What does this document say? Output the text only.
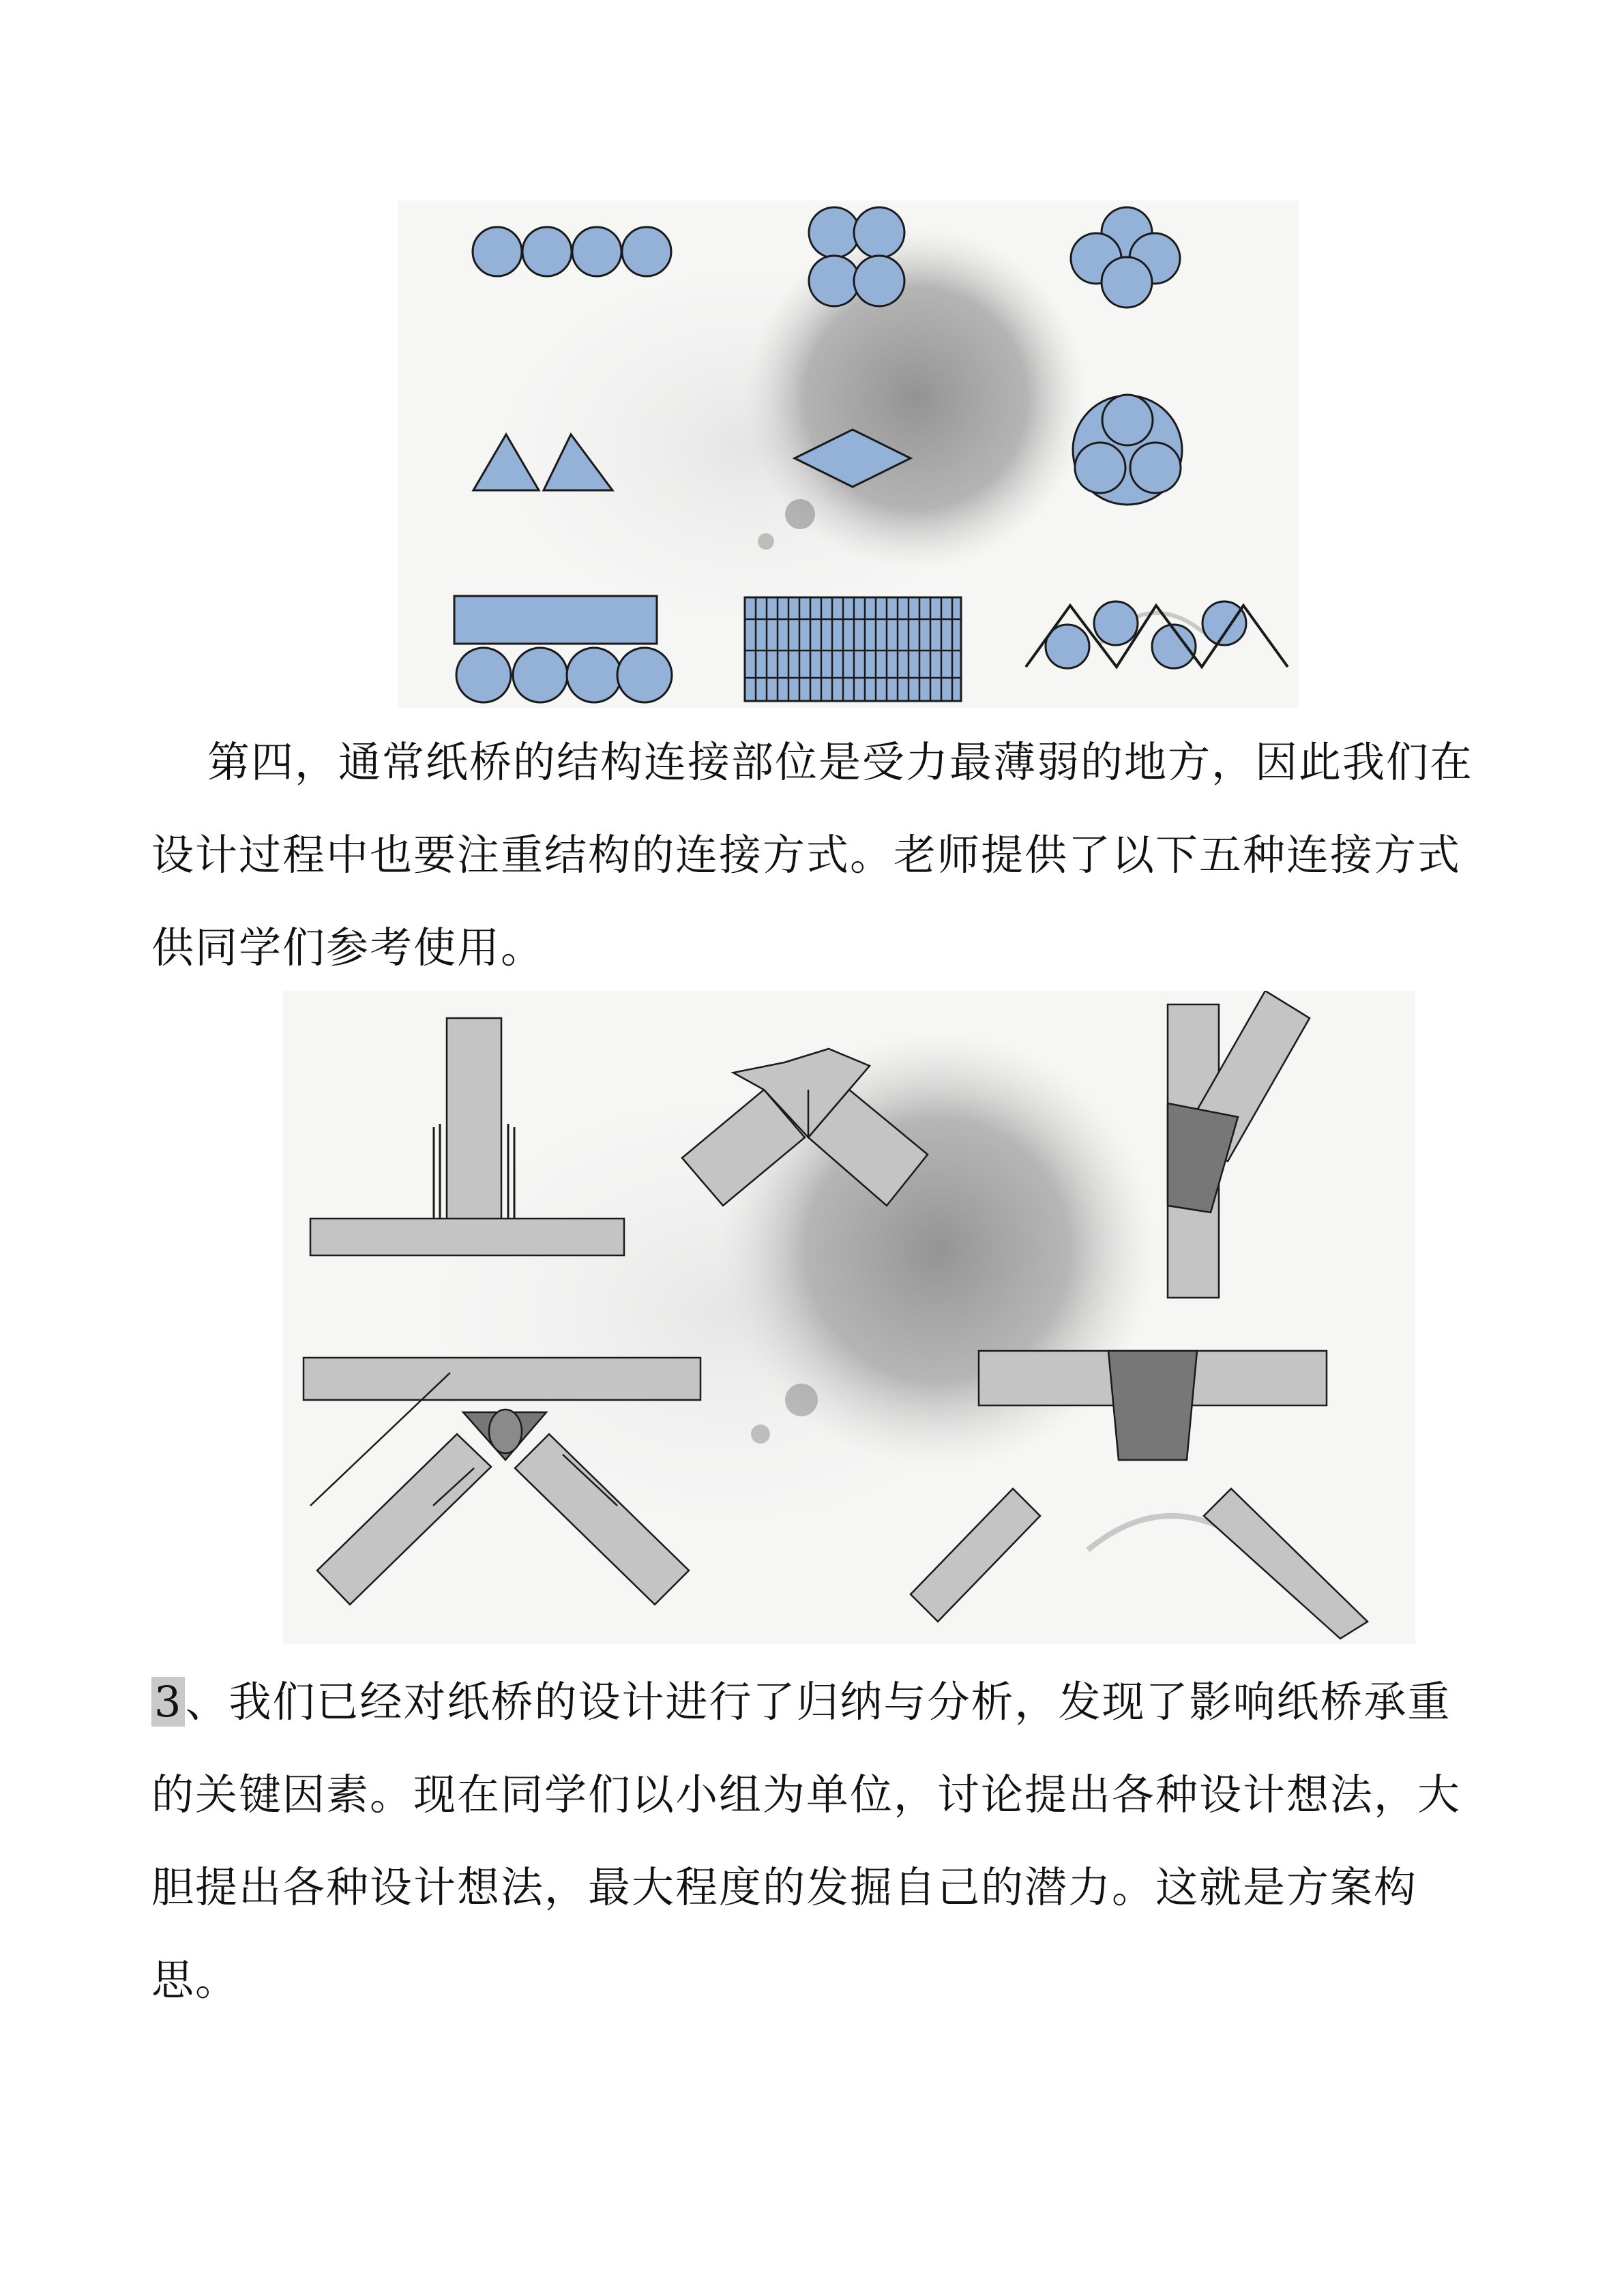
第四，通常纸桥的结构连接部位是受力最薄弱的地方，因此我们在
设计过程中也要注重结构的连接方式。老师提供了以下五种连接方式
供同学们参考使用。

3、我们已经对纸桥的设计进行了归纳与分析，发现了影响纸桥承重
的关键因素。现在同学们以小组为单位，讨论提出各种设计想法，大
胆提出各种设计想法，最大程度的发掘自己的潜力。这就是方案构
思。
